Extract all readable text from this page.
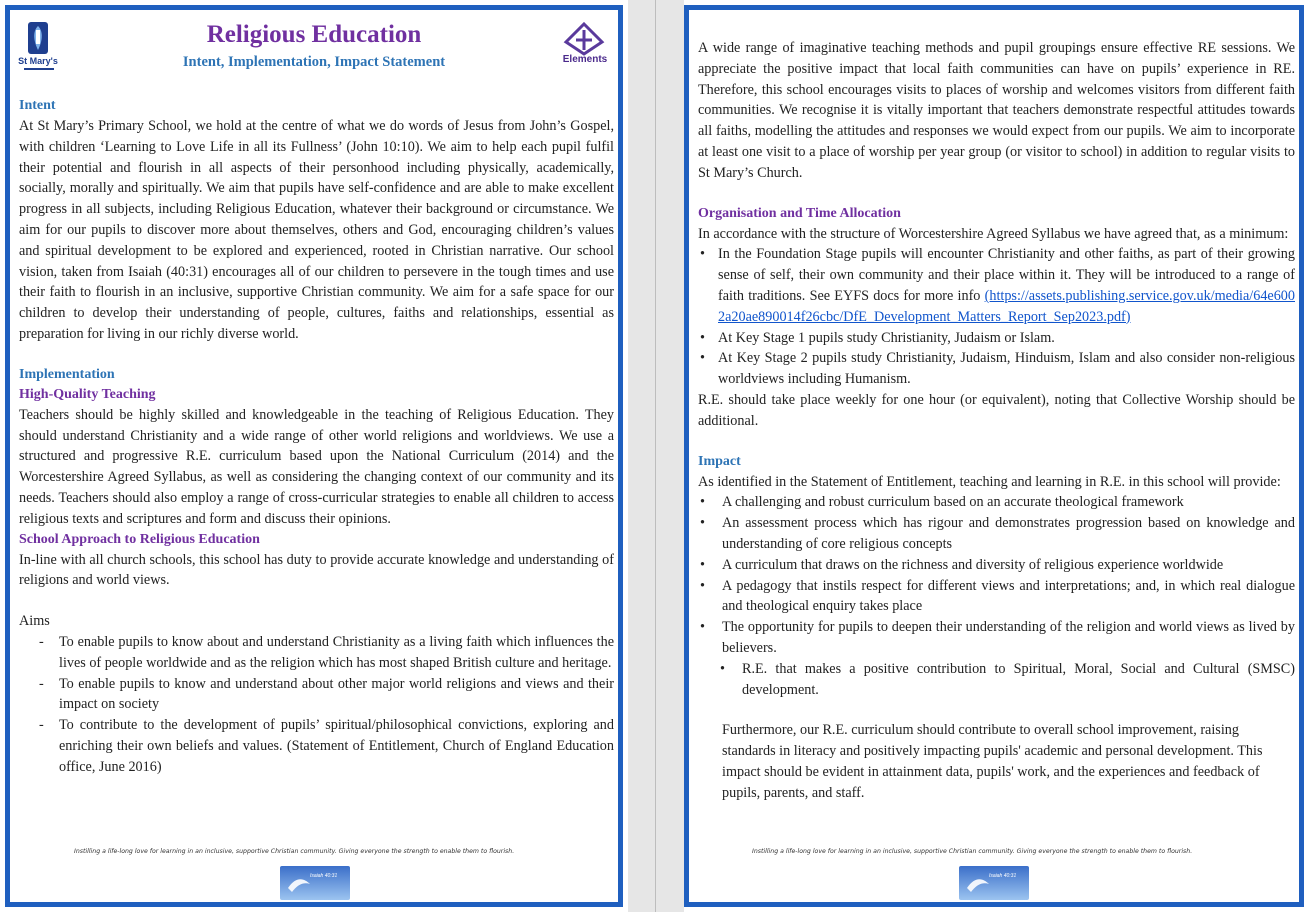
St Mary's
Religious Education
Intent, Implementation, Impact Statement	Elements
Intent

At St Mary’s Primary School, we hold at the centre of what we do words of Jesus from John’s Gospel, with children ‘Learning to Love Life in all its Fullness’ (John 10:10). We aim to help each pupil fulfil their potential and flourish in all aspects of their personhood including physically, academically, socially, morally and spiritually. We aim that pupils have self-confidence and are able to make excellent progress in all subjects, including Religious Education, whatever their background or circumstance. We aim for our pupils to discover more about themselves, others and God, encouraging children’s values and spiritual development to be explored and experienced, rooted in Christian narrative. Our school vision, taken from Isaiah (40:31) encourages all of our children to persevere in the tough times and use their faith to flourish in an inclusive, supportive Christian community. We aim for a safe space for our children to develop their understanding of people, cultures, faiths and relationships, essential as preparation for living in our richly diverse world.

Implementation
High-Quality Teaching

Teachers should be highly skilled and knowledgeable in the teaching of Religious Education. They should understand Christianity and a wide range of other world religions and worldviews. We use a structured and progressive R.E. curriculum based upon the National Curriculum (2014) and the Worcestershire Agreed Syllabus, as well as considering the changing context of our community and its needs. Teachers should also employ a range of cross-curricular strategies to enable all children to access religious texts and scriptures and form and discuss their opinions.

School Approach to Religious Education

In-line with all church schools, this school has duty to provide accurate knowledge and understanding of religions and world views.

Aims
- To enable pupils to know about and understand Christianity as a living faith which influences the lives of people worldwide and as the religion which has most shaped British culture and heritage.
- To enable pupils to know and understand about other major world religions and views and their impact on society
- To contribute to the development of pupils’ spiritual/philosophical convictions, exploring and enriching their own beliefs and values. (Statement of Entitlement, Church of England Education office, June 2016)
Instilling a life-long love for learning in an inclusive, supportive Christian community. Giving everyone the strength to enable them to flourish.
Isaiah 40:31

A wide range of imaginative teaching methods and pupil groupings ensure effective RE sessions. We appreciate the positive impact that local faith communities can have on pupils’ experience in RE. Therefore, this school encourages visits to places of worship and welcomes visitors from different faith communities. We recognise it is vitally important that teachers demonstrate respectful attitudes towards all faiths, modelling the attitudes and responses we would expect from our pupils. We aim to incorporate at least one visit to a place of worship per year group (or visitor to school) in addition to regular visits to St Mary’s Church.

Organisation and Time Allocation

In accordance with the structure of Worcestershire Agreed Syllabus we have agreed that, as a minimum:

• In the Foundation Stage pupils will encounter Christianity and other faiths, as part of their growing sense of self, their own community and their place within it. They will be introduced to a range of faith traditions. See EYFS docs for more info (https://assets.publishing.service.gov.uk/media/64e6002a20ae890014f26cbc/DfE_Development_Matters_Report_Sep2023.pdf)
• At Key Stage 1 pupils study Christianity, Judaism or Islam.
• At Key Stage 2 pupils study Christianity, Judaism, Hinduism, Islam and also consider non-religious worldviews including Humanism.

R.E. should take place weekly for one hour (or equivalent), noting that Collective Worship should be additional.

Impact

As identified in the Statement of Entitlement, teaching and learning in R.E. in this school will provide:

• A challenging and robust curriculum based on an accurate theological framework
• An assessment process which has rigour and demonstrates progression based on knowledge and understanding of core religious concepts
• A curriculum that draws on the richness and diversity of religious experience worldwide
• A pedagogy that instils respect for different views and interpretations; and, in which real dialogue and theological enquiry takes place
• The opportunity for pupils to deepen their understanding of the religion and world views as lived by believers.
• R.E. that makes a positive contribution to Spiritual, Moral, Social and Cultural (SMSC) development.

Furthermore, our R.E. curriculum should contribute to overall school improvement, raising standards in literacy and positively impacting pupils' academic and personal development. This impact should be evident in attainment data, pupils' work, and the experiences and feedback of pupils, parents, and staff.

Instilling a life-long love for learning in an inclusive, supportive Christian community. Giving everyone the strength to enable them to flourish.
Isaiah 40:31
